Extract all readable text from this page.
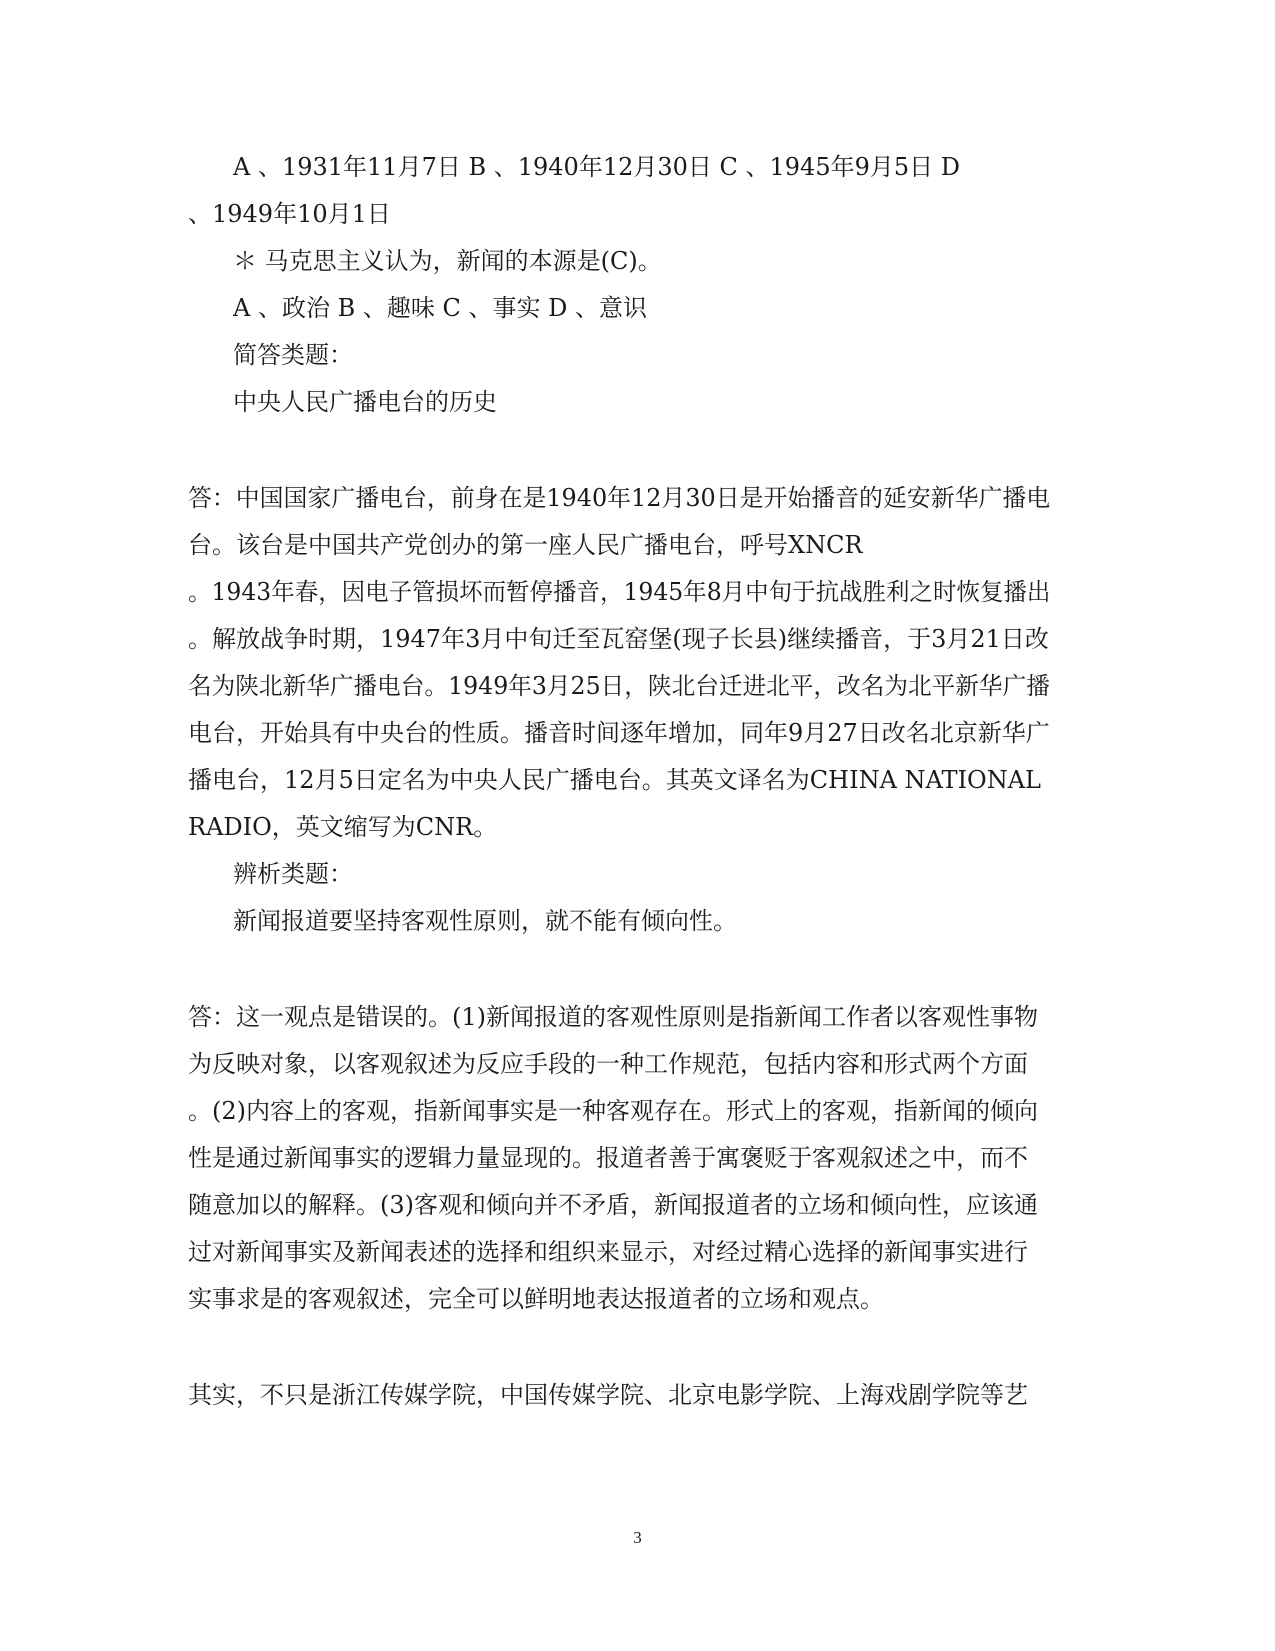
A 、1931年11月7日 B 、1940年12月30日 C 、1945年9月5日 D
、1949年10月1日
＊ 马克思主义认为，新闻的本源是(C)。
A 、政治 B 、趣味 C 、事实 D 、意识
简答类题：
中央人民广播电台的历史
答：中国国家广播电台，前身在是1940年12月30日是开始播音的延安新华广播电
台。该台是中国共产党创办的第一座人民广播电台，呼号XNCR
。1943年春，因电子管损坏而暂停播音，1945年8月中旬于抗战胜利之时恢复播出
。解放战争时期，1947年3月中旬迁至瓦窑堡(现子长县)继续播音，于3月21日改
名为陕北新华广播电台。1949年3月25日，陕北台迁进北平，改名为北平新华广播
电台，开始具有中央台的性质。播音时间逐年增加，同年9月27日改名北京新华广
播电台，12月5日定名为中央人民广播电台。其英文译名为CHINA NATIONAL
RADIO，英文缩写为CNR。
辨析类题：
新闻报道要坚持客观性原则，就不能有倾向性。
答：这一观点是错误的。(1)新闻报道的客观性原则是指新闻工作者以客观性事物
为反映对象，以客观叙述为反应手段的一种工作规范，包括内容和形式两个方面
。(2)内容上的客观，指新闻事实是一种客观存在。形式上的客观，指新闻的倾向
性是通过新闻事实的逻辑力量显现的。报道者善于寓褒贬于客观叙述之中，而不
随意加以的解释。(3)客观和倾向并不矛盾，新闻报道者的立场和倾向性，应该通
过对新闻事实及新闻表述的选择和组织来显示，对经过精心选择的新闻事实进行
实事求是的客观叙述，完全可以鲜明地表达报道者的立场和观点。
其实，不只是浙江传媒学院，中国传媒学院、北京电影学院、上海戏剧学院等艺
3
